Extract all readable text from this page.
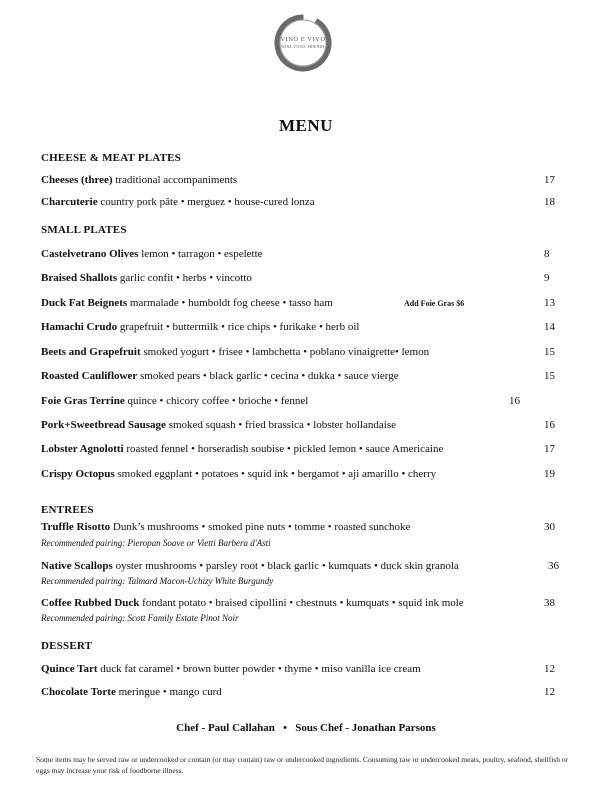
VINO E VIVO
WINE, FOOD, FRIENDS
MENU
CHEESE & MEAT PLATES
Cheeses (three) traditional accompaniments	17
Charcuterie country pork pâte • merguez • house-cured lonza	18
SMALL PLATES
Castelvetrano Olives lemon • tarragon • espelette	8
Braised Shallots garlic confit • herbs • vincotto	9
Duck Fat Beignets marmalade • humboldt fog cheese • tasso ham	Add Foie Gras $6	13
Hamachi Crudo grapefruit • buttermilk • rice chips • furikake • herb oil	14
Beets and Grapefruit smoked yogurt • frisee • lambchetta • poblano vinaigrette• lemon	15
Roasted Cauliflower smoked pears • black garlic • cecina • dukka • sauce vierge	15
Foie Gras Terrine quince • chicory coffee • brioche • fennel	16
Pork+Sweetbread Sausage smoked squash • fried brassica • lobster hollandaise	16
Lobster Agnolotti roasted fennel • horseradish soubise • pickled lemon • sauce Americaine	17
Crispy Octopus smoked eggplant • potatoes • squid ink • bergamot • aji amarillo • cherry	19
ENTREES
Truffle Risotto Dunk’s mushrooms • smoked pine nuts • tomme • roasted sunchoke	30
Recommended pairing: Pieropan Soave or Vietti Barbera d'Asti
Native Scallops oyster mushrooms • parsley root • black garlic • kumquats • duck skin granola	36
Recommended pairing: Talmard Macon-Uchizy White Burgundy
Coffee Rubbed Duck fondant potato • braised cipollini • chestnuts • kumquats • squid ink mole	38
Recommended pairing: Scott Family Estate Pinot Noir
DESSERT
Quince Tart duck fat caramel • brown butter powder • thyme • miso vanilla ice cream	12
Chocolate Torte meringue • mango curd	12
Chef - Paul Callahan   •   Sous Chef - Jonathan Parsons
Some items may be served raw or undercooked or contain (or may contain) raw or undercooked ingredients. Consuming raw or undercooked meats, poultry, seafood, shellfish or eggs may increase your risk of foodborne illness.
